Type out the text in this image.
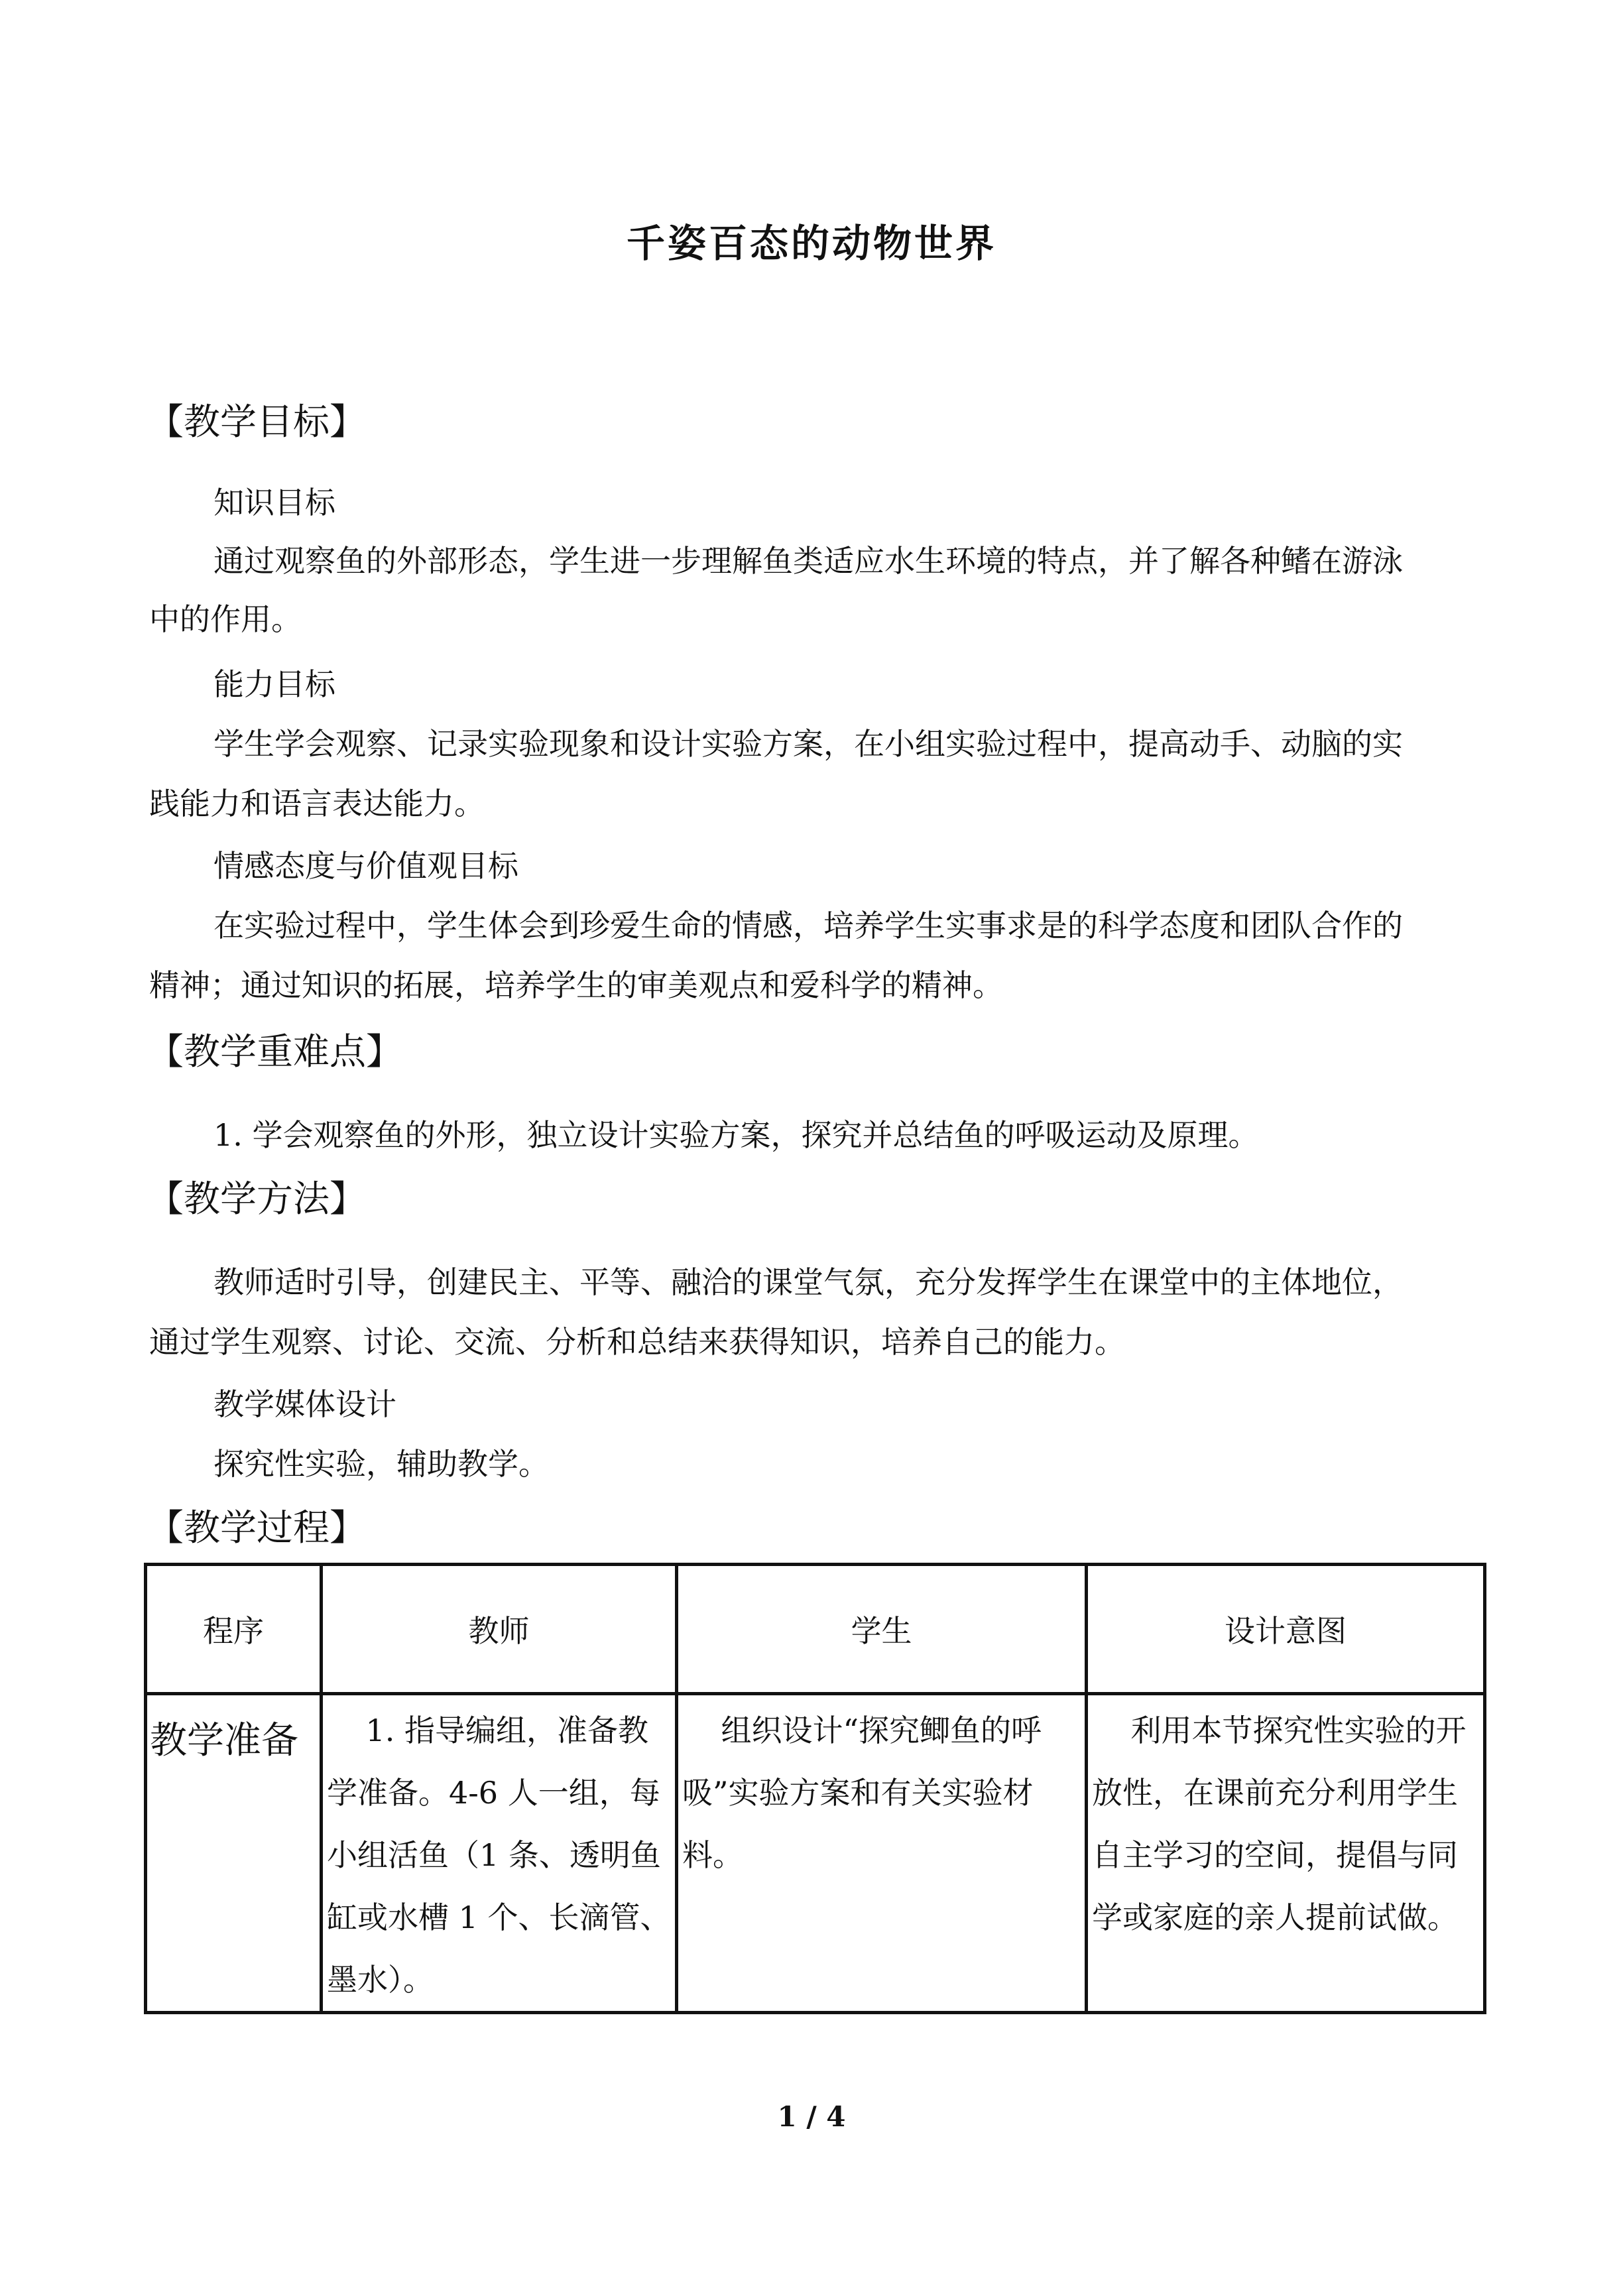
千姿百态的动物世界
【教学目标】
知识目标
通过观察鱼的外部形态，学生进一步理解鱼类适应水生环境的特点，并了解各种鳍在游泳
中的作用。
能力目标
学生学会观察、记录实验现象和设计实验方案，在小组实验过程中，提高动手、动脑的实
践能力和语言表达能力。
情感态度与价值观目标
在实验过程中，学生体会到珍爱生命的情感，培养学生实事求是的科学态度和团队合作的
精神；通过知识的拓展，培养学生的审美观点和爱科学的精神。
【教学重难点】
1. 学会观察鱼的外形，独立设计实验方案，探究并总结鱼的呼吸运动及原理。
【教学方法】
教师适时引导，创建民主、平等、融洽的课堂气氛，充分发挥学生在课堂中的主体地位，
通过学生观察、讨论、交流、分析和总结来获得知识，培养自己的能力。
教学媒体设计
探究性实验，辅助教学。
【教学过程】
程序	教师	学生	设计意图

教学准备	1. 指导编组，准备教学准备。4-6 人一组，每小组活鱼（1 条、透明鱼缸或水槽 1 个、长滴管、墨水）。	组织设计“探究鲫鱼的呼吸”实验方案和有关实验材料。	利用本节探究性实验的开放性，在课前充分利用学生自主学习的空间，提倡与同学或家庭的亲人提前试做。
1 / 4
